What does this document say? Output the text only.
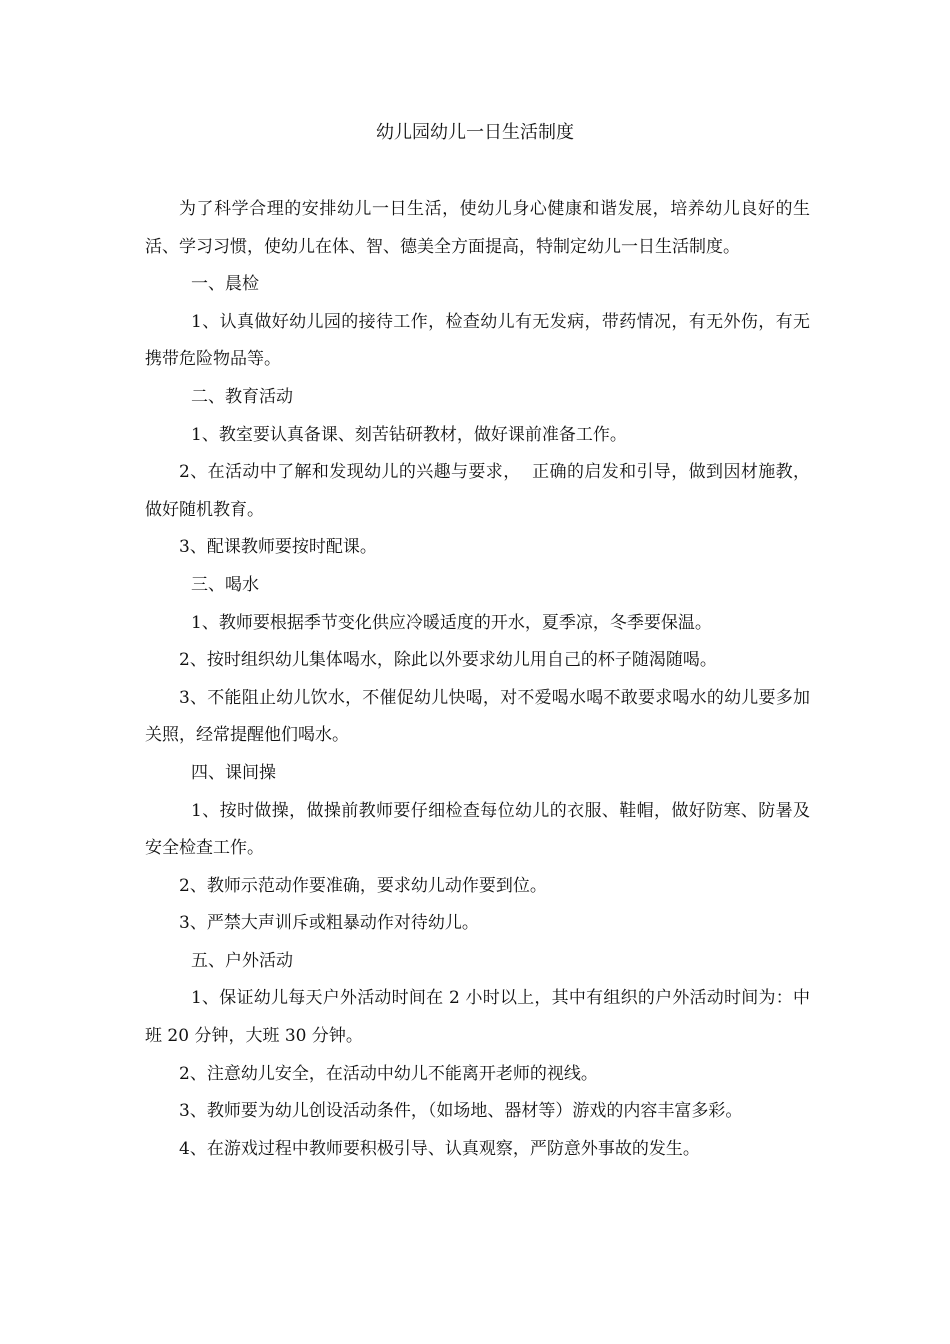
幼儿园幼儿一日生活制度

为了科学合理的安排幼儿一日生活，使幼儿身心健康和谐发展，培养幼儿良好的生活、学习习惯，使幼儿在体、智、德美全方面提高，特制定幼儿一日生活制度。

一、晨检

1、认真做好幼儿园的接待工作，检查幼儿有无发病，带药情况，有无外伤，有无携带危险物品等。

二、教育活动

1、教室要认真备课、刻苦钻研教材，做好课前准备工作。

2、在活动中了解和发现幼儿的兴趣与要求，  正确的启发和引导，做到因材施教，做好随机教育。

3、配课教师要按时配课。

三、喝水

1、教师要根据季节变化供应冷暖适度的开水，夏季凉，冬季要保温。

2、按时组织幼儿集体喝水，除此以外要求幼儿用自己的杯子随渴随喝。

3、不能阻止幼儿饮水，不催促幼儿快喝，对不爱喝水喝不敢要求喝水的幼儿要多加关照，经常提醒他们喝水。

四、课间操

1、按时做操，做操前教师要仔细检查每位幼儿的衣服、鞋帽，做好防寒、防暑及安全检查工作。

2、教师示范动作要准确，要求幼儿动作要到位。

3、严禁大声训斥或粗暴动作对待幼儿。

五、户外活动

1、保证幼儿每天户外活动时间在 2 小时以上，其中有组织的户外活动时间为：中班 20 分钟，大班 30 分钟。

2、注意幼儿安全，在活动中幼儿不能离开老师的视线。

3、教师要为幼儿创设活动条件，（如场地、器材等）游戏的内容丰富多彩。

4、在游戏过程中教师要积极引导、认真观察，严防意外事故的发生。
